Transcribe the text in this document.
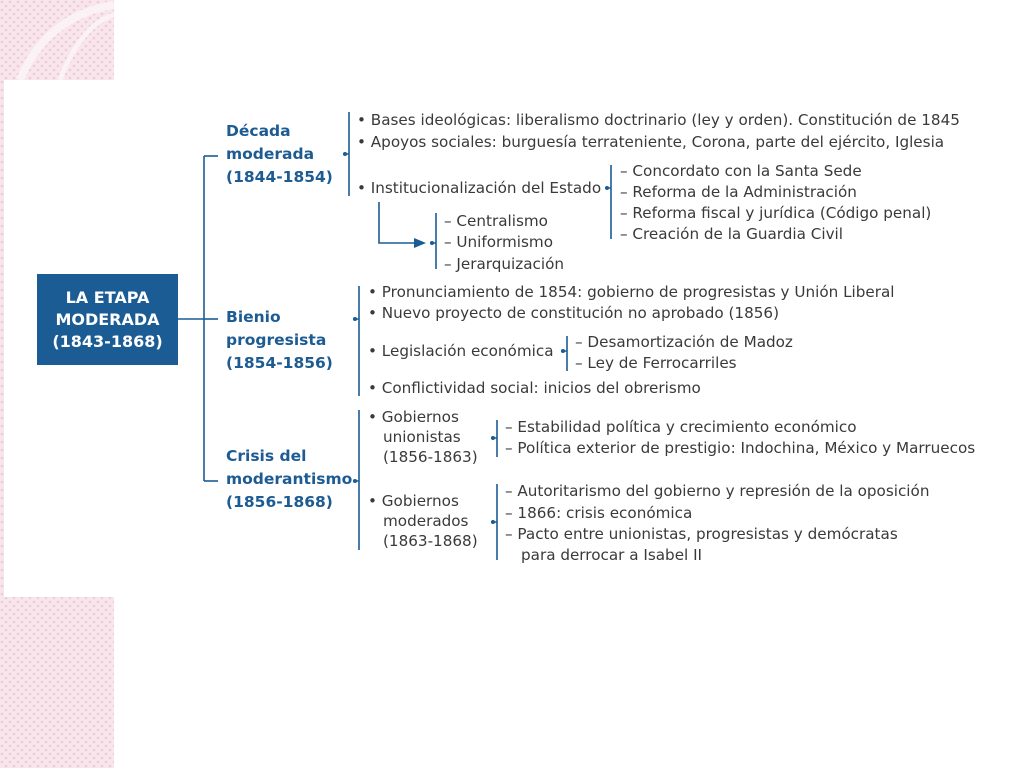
LA ETAPA
MODERADA
(1843-1868)
Década
moderada
(1844-1854)
• Bases ideológicas: liberalismo doctrinario (ley y orden). Constitución de 1845
• Apoyos sociales: burguesía terrateniente, Corona, parte del ejército, Iglesia
• Institucionalización del Estado
– Concordato con la Santa Sede
– Reforma de la Administración
– Reforma fiscal y jurídica (Código penal)
– Creación de la Guardia Civil
– Centralismo
– Uniformismo
– Jerarquización
Bienio
progresista
(1854-1856)
• Pronunciamiento de 1854: gobierno de progresistas y Unión Liberal
• Nuevo proyecto de constitución no aprobado (1856)
• Legislación económica – Desamortización de Madoz
– Ley de Ferrocarriles
• Conflictividad social: inicios del obrerismo
Crisis del
moderantismo
(1856-1868)
• Gobiernos
unionistas
(1856-1863)
– Estabilidad política y crecimiento económico
– Política exterior de prestigio: Indochina, México y Marruecos
• Gobiernos
moderados
(1863-1868)
– Autoritarismo del gobierno y represión de la oposición
– 1866: crisis económica
– Pacto entre unionistas, progresistas y demócratas
para derrocar a Isabel II
